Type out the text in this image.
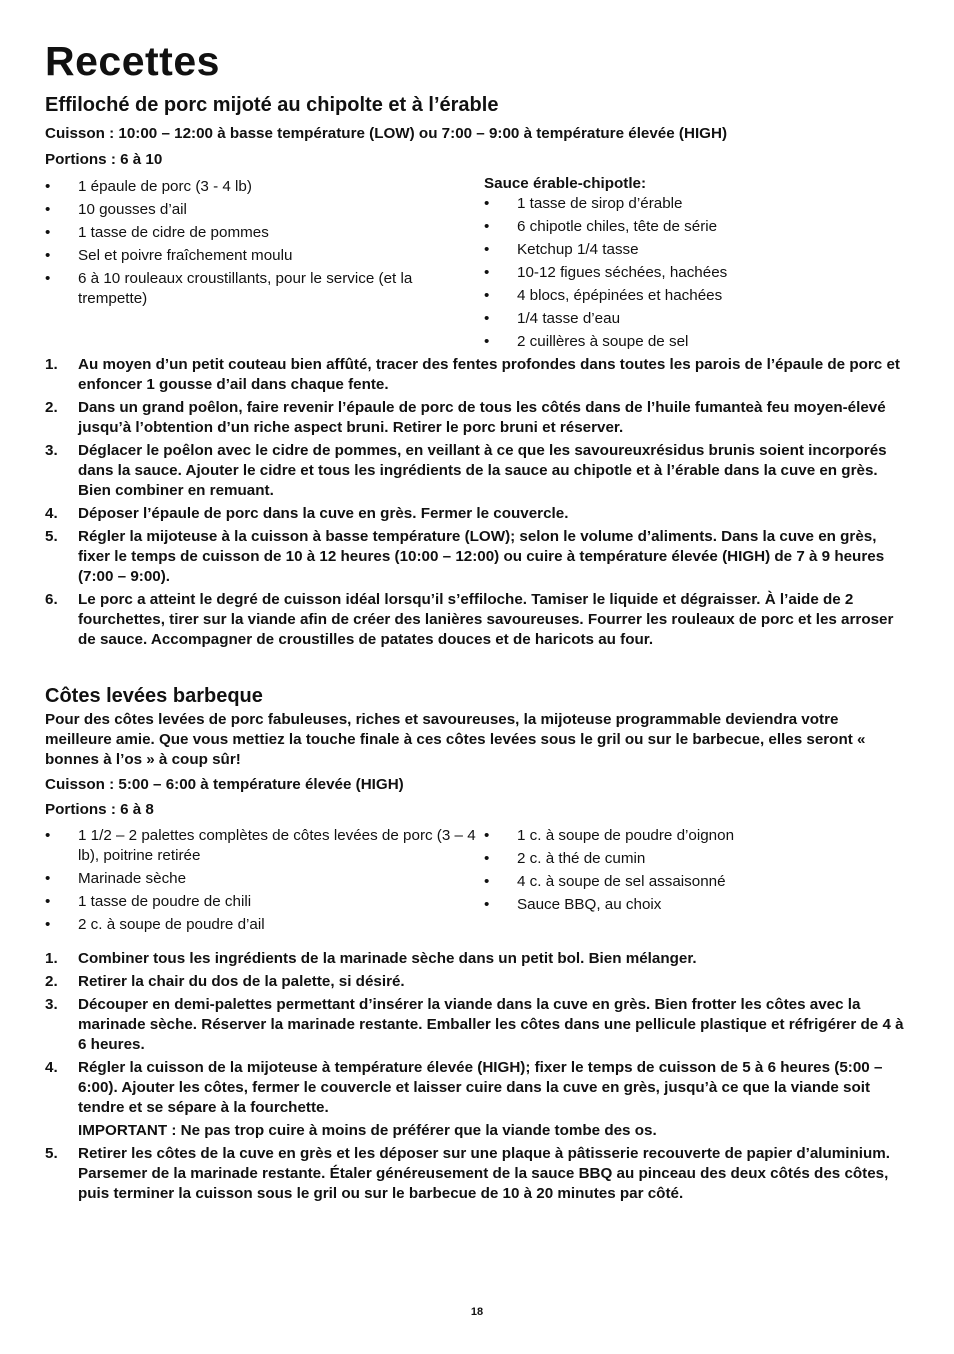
Recettes
Effiloché de porc mijoté au chipolte et à l’érable

Cuisson : 10:00 – 12:00 à basse température (LOW) ou 7:00 – 9:00 à température élevée (HIGH)

Portions : 6 à 10

• 1 épaule de porc (3 - 4 lb)
• 10 gousses d’ail
• 1 tasse de cidre de pommes
• Sel et poivre fraîchement moulu
• 6 à 10 rouleaux croustillants, pour le service (et la trempette)
Sauce érable-chipotle:
• 1 tasse de sirop d’érable
• 6 chipotle chiles, tête de série
• Ketchup 1/4 tasse
• 10-12 figues séchées, hachées
• 4 blocs, épépinées et hachées
• 1/4 tasse d’eau
• 2 cuillères à soupe de sel
1. Au moyen d’un petit couteau bien affûté, tracer des fentes profondes dans toutes les parois de l’épaule de porc et enfoncer 1 gousse d’ail dans chaque fente.
2. Dans un grand poêlon, faire revenir l’épaule de porc de tous les côtés dans de l’huile fumanteà feu moyen-élevé jusqu’à l’obtention d’un riche aspect bruni. Retirer le porc bruni et réserver.
3. Déglacer le poêlon avec le cidre de pommes, en veillant à ce que les savoureuxrésidus brunis soient incorporés dans la sauce. Ajouter le cidre et tous les ingrédients de la sauce au chipotle et à l’érable dans la cuve en grès. Bien combiner en remuant.
4. Déposer l’épaule de porc dans la cuve en grès. Fermer le couvercle.
5. Régler la mijoteuse à la cuisson à basse température (LOW); selon le volume d’aliments. Dans la cuve en grès, fixer le temps de cuisson de 10 à 12 heures (10:00 – 12:00) ou cuire à température élevée (HIGH) de 7 à 9 heures (7:00 – 9:00).
6. Le porc a atteint le degré de cuisson idéal lorsqu’il s’effiloche. Tamiser le liquide et dégraisser. À l’aide de 2 fourchettes, tirer sur la viande afin de créer des lanières savoureuses. Fourrer les rouleaux de porc et les arroser de sauce. Accompagner de croustilles de patates douces et de haricots au four.
Côtes levées barbeque

Pour des côtes levées de porc fabuleuses, riches et savoureuses, la mijoteuse programmable deviendra votre meilleure amie. Que vous mettiez la touche finale à ces côtes levées sous le gril ou sur le barbecue, elles seront « bonnes à l’os » à coup sûr!

Cuisson : 5:00 – 6:00 à température élevée (HIGH)

Portions : 6 à 8

• 1 1/2 – 2 palettes complètes de côtes levées de porc (3 – 4 lb), poitrine retirée
• Marinade sèche
• 1 tasse de poudre de chili
• 2 c. à soupe de poudre d’ail
• 1 c. à soupe de poudre d’oignon
• 2 c. à thé de cumin
• 4 c. à soupe de sel assaisonné
• Sauce BBQ, au choix
1. Combiner tous les ingrédients de la marinade sèche dans un petit bol. Bien mélanger.
2. Retirer la chair du dos de la palette, si désiré.
3. Découper en demi-palettes permettant d’insérer la viande dans la cuve en grès. Bien frotter les côtes avec la marinade sèche. Réserver la marinade restante. Emballer les côtes dans une pellicule plastique et réfrigérer de 4 à 6 heures.
4. Régler la cuisson de la mijoteuse à température élevée (HIGH); fixer le temps de cuisson de 5 à 6 heures (5:00 – 6:00). Ajouter les côtes, fermer le couvercle et laisser cuire dans la cuve en grès, jusqu’à ce que la viande soit tendre et se sépare à la fourchette.
IMPORTANT : Ne pas trop cuire à moins de préférer que la viande tombe des os.
5. Retirer les côtes de la cuve en grès et les déposer sur une plaque à pâtisserie recouverte de papier d’aluminium. Parsemer de la marinade restante. Étaler généreusement de la sauce BBQ au pinceau des deux côtés des côtes, puis terminer la cuisson sous le gril ou sur le barbecue de 10 à 20 minutes par côté.
18
